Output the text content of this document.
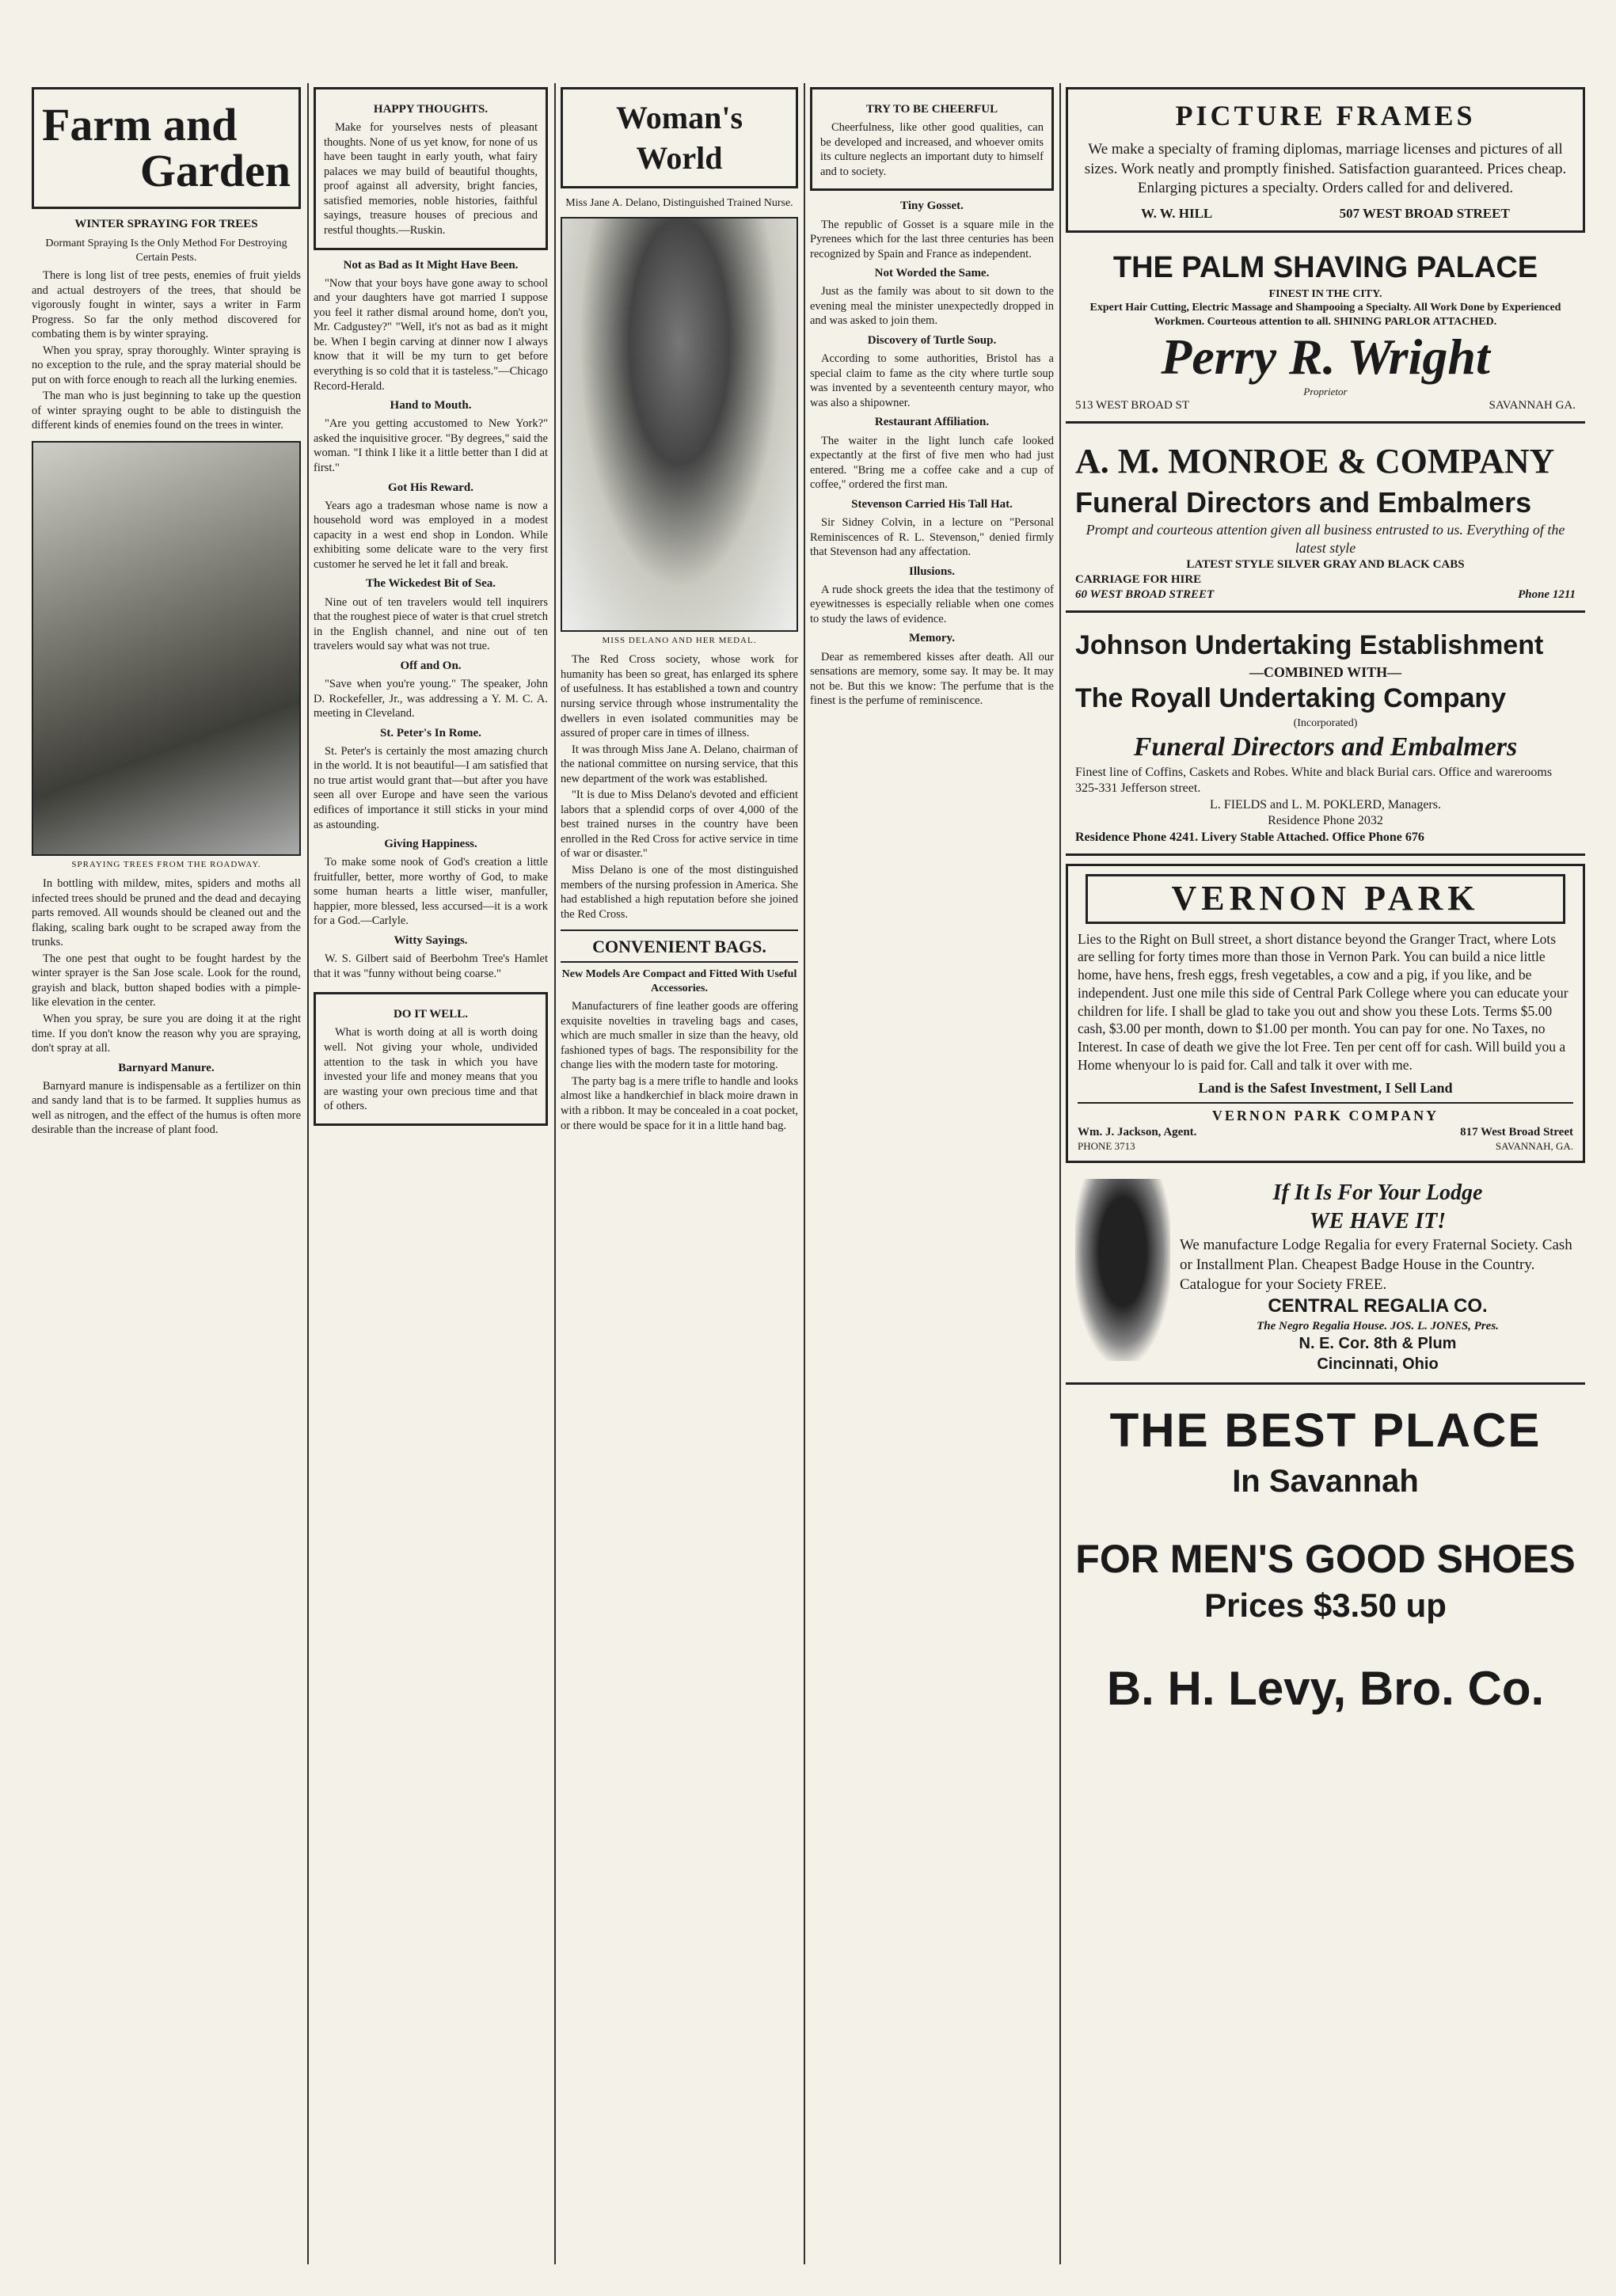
Farm and
Garden
WINTER SPRAYING FOR TREES
Dormant Spraying Is the Only Method For Destroying Certain Pests.

There is long list of tree pests, enemies of fruit yields and actual destroyers of the trees, that should be vigorously fought in winter, says a writer in Farm Progress. So far the only method discovered for combating them is by winter spraying.

When you spray, spray thoroughly. Winter spraying is no exception to the rule, and the spray material should be put on with force enough to reach all the lurking enemies.

The man who is just beginning to take up the question of winter spraying ought to be able to distinguish the different kinds of enemies found on the trees in winter.

SPRAYING TREES FROM THE ROADWAY.

In bottling with mildew, mites, spiders and moths all infected trees should be pruned and the dead and decaying parts removed. All wounds should be cleaned out and the flaking, scaling bark ought to be scraped away from the trunks.

The one pest that ought to be fought hardest by the winter sprayer is the San Jose scale. Look for the round, grayish and black, button shaped bodies with a pimple-like elevation in the center.

When you spray, be sure you are doing it at the right time. If you don't know the reason why you are spraying, don't spray at all.

Barnyard Manure.

Barnyard manure is indispensable as a fertilizer on thin and sandy land that is to be farmed. It supplies humus as well as nitrogen, and the effect of the humus is often more desirable than the increase of plant food.

HAPPY THOUGHTS.

Make for yourselves nests of pleasant thoughts. None of us yet know, for none of us have been taught in early youth, what fairy palaces we may build of beautiful thoughts, proof against all adversity, bright fancies, satisfied memories, noble histories, faithful sayings, treasure houses of precious and restful thoughts.—Ruskin.

Not as Bad as It Might Have Been.

"Now that your boys have gone away to school and your daughters have got married I suppose you feel it rather dismal around home, don't you, Mr. Cadgustey?" "Well, it's not as bad as it might be. When I begin carving at dinner now I always know that it will be my turn to get before everything is so cold that it is tasteless."—Chicago Record-Herald.

Hand to Mouth.

"Are you getting accustomed to New York?" asked the inquisitive grocer. "By degrees," said the woman. "I think I like it a little better than I did at first."

Got His Reward.

Years ago a tradesman whose name is now a household word was employed in a modest capacity in a west end shop in London. While exhibiting some delicate ware to the very first customer he served he let it fall and break.

The Wickedest Bit of Sea.

Nine out of ten travelers would tell inquirers that the roughest piece of water is that cruel stretch in the English channel, and nine out of ten travelers would say what was not true.

Off and On.

"Save when you're young." The speaker, John D. Rockefeller, Jr., was addressing a Y. M. C. A. meeting in Cleveland.

St. Peter's In Rome.

St. Peter's is certainly the most amazing church in the world. It is not beautiful—I am satisfied that no true artist would grant that—but after you have seen all over Europe and have seen the various edifices of importance it still sticks in your mind as astounding.

Giving Happiness.

To make some nook of God's creation a little fruitfuller, better, more worthy of God, to make some human hearts a little wiser, manfuller, happier, more blessed, less accursed—it is a work for a God.—Carlyle.

Witty Sayings.

W. S. Gilbert said of Beerbohm Tree's Hamlet that it was "funny without being coarse."

DO IT WELL.

What is worth doing at all is worth doing well. Not giving your whole, undivided attention to the task in which you have invested your life and money means that you are wasting your own precious time and that of others.

Woman's World
Miss Jane A. Delano, Distinguished Trained Nurse.
MISS DELANO AND HER MEDAL.

The Red Cross society, whose work for humanity has been so great, has enlarged its sphere of usefulness. It has established a town and country nursing service through whose instrumentality the dwellers in even isolated communities may be assured of proper care in times of illness.

It was through Miss Jane A. Delano, chairman of the national committee on nursing service, that this new department of the work was established.

"It is due to Miss Delano's devoted and efficient labors that a splendid corps of over 4,000 of the best trained nurses in the country have been enrolled in the Red Cross for active service in time of war or disaster."

Miss Delano is one of the most distinguished members of the nursing profession in America. She had established a high reputation before she joined the Red Cross.

CONVENIENT BAGS.
New Models Are Compact and Fitted With Useful Accessories.

Manufacturers of fine leather goods are offering exquisite novelties in traveling bags and cases, which are much smaller in size than the heavy, old fashioned types of bags. The responsibility for the change lies with the modern taste for motoring.

The party bag is a mere trifle to handle and looks almost like a handkerchief in black moire drawn in with a ribbon. It may be concealed in a coat pocket, or there would be space for it in a little hand bag.

TRY TO BE CHEERFUL

Cheerfulness, like other good qualities, can be developed and increased, and whoever omits its culture neglects an important duty to himself and to society.

Tiny Gosset.

The republic of Gosset is a square mile in the Pyrenees which for the last three centuries has been recognized by Spain and France as independent.

Not Worded the Same.

Just as the family was about to sit down to the evening meal the minister unexpectedly dropped in and was asked to join them.

Discovery of Turtle Soup.

According to some authorities, Bristol has a special claim to fame as the city where turtle soup was invented by a seventeenth century mayor, who was also a shipowner.

Restaurant Affiliation.

The waiter in the light lunch cafe looked expectantly at the first of five men who had just entered. "Bring me a coffee cake and a cup of coffee," ordered the first man.

Stevenson Carried His Tall Hat.

Sir Sidney Colvin, in a lecture on "Personal Reminiscences of R. L. Stevenson," denied firmly that Stevenson had any affectation.

Illusions.

A rude shock greets the idea that the testimony of eyewitnesses is especially reliable when one comes to study the laws of evidence.

Memory.

Dear as remembered kisses after death. All our sensations are memory, some say. It may be. It may not be. But this we know: The perfume that is the finest is the perfume of reminiscence.

PICTURE FRAMES
We make a specialty of framing diplomas, marriage licenses and pictures of all sizes. Work neatly and promptly finished. Satisfaction guaranteed. Prices cheap. Enlarging pictures a specialty. Orders called for and delivered.
W. W. HILL	507 WEST BROAD STREET
THE PALM SHAVING PALACE
FINEST IN THE CITY.
Expert Hair Cutting, Electric Massage and Shampooing a Specialty. All Work Done by Experienced Workmen. Courteous attention to all. SHINING PARLOR ATTACHED.
Perry R. Wright
Proprietor
513 WEST BROAD ST	SAVANNAH GA.
A. M. MONROE & COMPANY
Funeral Directors and Embalmers
Prompt and courteous attention given all business entrusted to us. Everything of the latest style
LATEST STYLE SILVER GRAY AND BLACK CABS
CARRIAGE FOR HIRE
60 WEST BROAD STREET	Phone 1211
Johnson Undertaking Establishment
—COMBINED WITH—
The Royall Undertaking Company
(Incorporated)
Funeral Directors and Embalmers
Finest line of Coffins, Caskets and Robes. White and black Burial cars. Office and warerooms 325-331 Jefferson street.
L. FIELDS and L. M. POKLERD, Managers.
Residence Phone 2032
Residence Phone 4241. Livery Stable Attached. Office Phone 676
VERNON PARK
Lies to the Right on Bull street, a short distance beyond the Granger Tract, where Lots are selling for forty times more than those in Vernon Park. You can build a nice little home, have hens, fresh eggs, fresh vegetables, a cow and a pig, if you like, and be independent. Just one mile this side of Central Park College where you can educate your children for life. I shall be glad to take you out and show you these Lots. Terms $5.00 cash, $3.00 per month, down to $1.00 per month. You can pay for one. No Taxes, no Interest. In case of death we give the lot Free. Ten per cent off for cash. Will build you a Home whenyour lo is paid for. Call and talk it over with me.
Land is the Safest Investment, I Sell Land
VERNON PARK COMPANY
Wm. J. Jackson, Agent.	817 West Broad Street
PHONE 3713	SAVANNAH, GA.
If It Is For Your Lodge
WE HAVE IT!
We manufacture Lodge Regalia for every Fraternal Society. Cash or Installment Plan. Cheapest Badge House in the Country. Catalogue for your Society FREE.
CENTRAL REGALIA CO.
The Negro Regalia House. JOS. L. JONES, Pres.
N. E. Cor. 8th & Plum
Cincinnati, Ohio
THE BEST PLACE
In Savannah
FOR MEN'S GOOD SHOES
Prices $3.50 up
B. H. Levy, Bro. Co.
